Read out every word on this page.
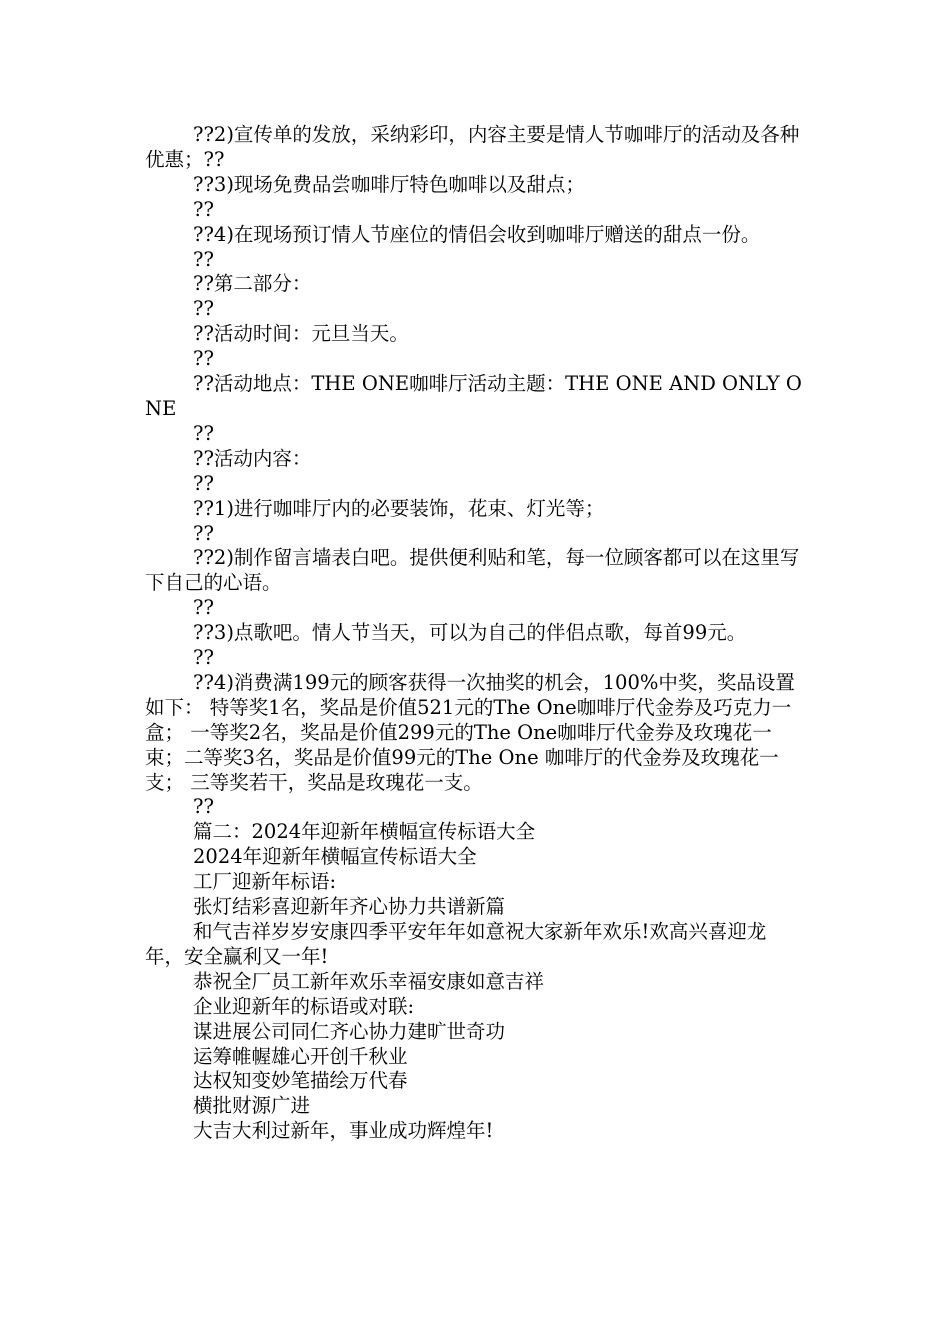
??2)宣传单的发放，采纳彩印，内容主要是情人节咖啡厅的活动及各种优惠；??

??3)现场免费品尝咖啡厅特色咖啡以及甜点；

??

??4)在现场预订情人节座位的情侣会收到咖啡厅赠送的甜点一份。

??

??第二部分：

??

??活动时间：元旦当天。

??

??活动地点：THE ONE咖啡厅活动主题：THE ONE AND ONLY ONE

??

??活动内容：

??

??1)进行咖啡厅内的必要装饰，花束、灯光等；

??

??2)制作留言墙表白吧。提供便利贴和笔，每一位顾客都可以在这里写下自己的心语。

??

??3)点歌吧。情人节当天，可以为自己的伴侣点歌，每首99元。

??

??4)消费满199元的顾客获得一次抽奖的机会，100%中奖，奖品设置如下： 特等奖1名，奖品是价值521元的The One咖啡厅代金券及巧克力一盒； 一等奖2名，奖品是价值299元的The One咖啡厅代金券及玫瑰花一束；二等奖3名，奖品是价值99元的The One 咖啡厅的代金券及玫瑰花一支； 三等奖若干，奖品是玫瑰花一支。

??

篇二：2024年迎新年横幅宣传标语大全

2024年迎新年横幅宣传标语大全

工厂迎新年标语:

张灯结彩喜迎新年齐心协力共谱新篇

和气吉祥岁岁安康四季平安年年如意祝大家新年欢乐!欢高兴喜迎龙年，安全赢利又一年!

恭祝全厂员工新年欢乐幸福安康如意吉祥

企业迎新年的标语或对联:

谋进展公司同仁齐心协力建旷世奇功

运筹帷幄雄心开创千秋业

达权知变妙笔描绘万代春

横批财源广进

大吉大利过新年，事业成功辉煌年!
